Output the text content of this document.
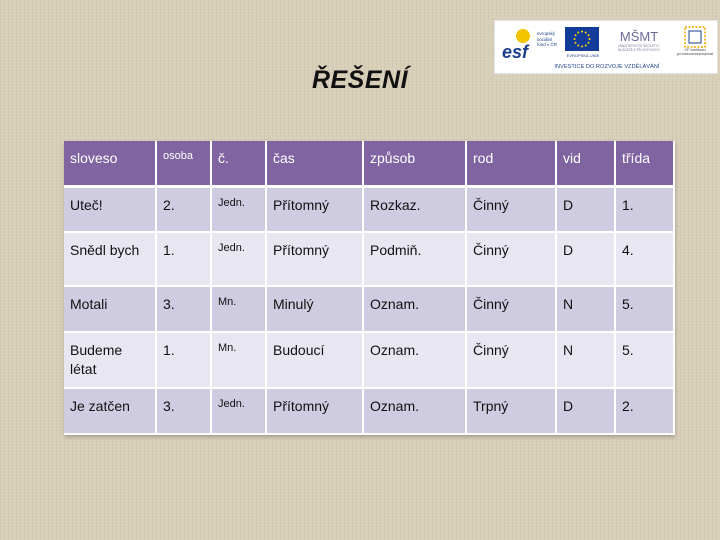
esf
evropský
sociální
fond v ČR
EVROPSKÁ UNIE
MŠMT
MINISTERSTVO ŠKOLSTVÍ,
MLÁDEŽE A TĚLOVÝCHOVY	OP Vzdělávání
pro konkurenceschopnost
INVESTICE DO ROZVOJE VZDĚLÁVÁNÍ
ŘEŠENÍ
sloveso	osoba	č.	čas	způsob	rod	vid	třída
Uteč!	2.	Jedn.	Přítomný	Rozkaz.	Činný	D	1.
Snědl bych	1.	Jedn.	Přítomný	Podmiň.	Činný	D	4.
Motali	3.	Mn.	Minulý	Oznam.	Činný	N	5.
Budeme létat	1.	Mn.	Budoucí	Oznam.	Činný	N	5.
Je zatčen	3.	Jedn.	Přítomný	Oznam.	Trpný	D	2.
